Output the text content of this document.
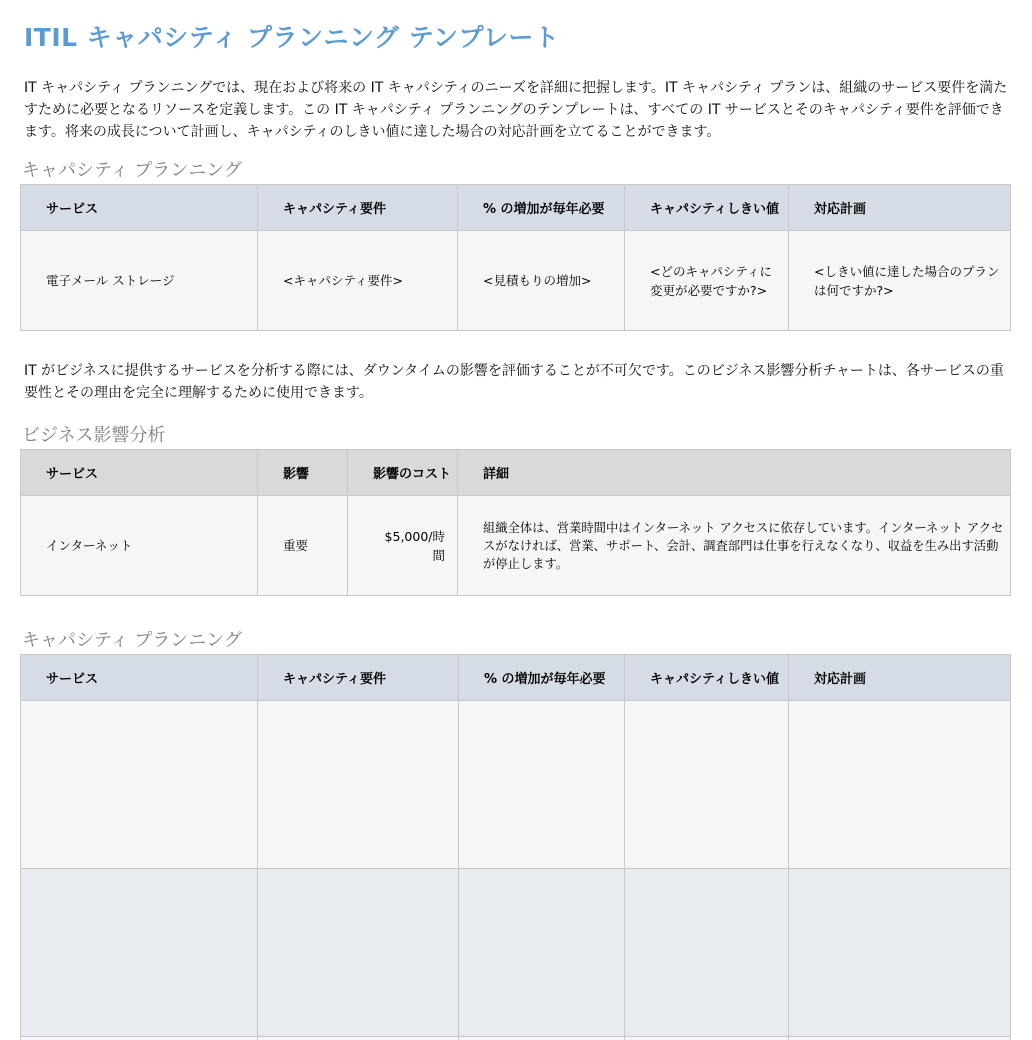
ITIL キャパシティ プランニング テンプレート
IT キャパシティ プランニングでは、現在および将来の IT キャパシティのニーズを詳細に把握します。IT キャパシティ プランは、組織のサービス要件を満たすために必要となるリソースを定義します。この IT キャパシティ プランニングのテンプレートは、すべての IT サービスとそのキャパシティ要件を評価できます。将来の成長について計画し、キャパシティのしきい値に達した場合の対応計画を立てることができます。
キャパシティ プランニング
サービス	キャパシティ要件	% の増加が毎年必要	キャパシティしきい値	対応計画
電子メール ストレージ	<キャパシティ要件>	<見積もりの増加>	<どのキャパシティに変更が必要ですか?>	<しきい値に達した場合のプランは何ですか?>
IT がビジネスに提供するサービスを分析する際には、ダウンタイムの影響を評価することが不可欠です。このビジネス影響分析チャートは、各サービスの重要性とその理由を完全に理解するために使用できます。
ビジネス影響分析
サービス	影響	影響のコスト	詳細
インターネット	重要	$5,000/時間	組織全体は、営業時間中はインターネット アクセスに依存しています。インターネット アクセスがなければ、営業、サポート、会計、調査部門は仕事を行えなくなり、収益を生み出す活動が停止します。
キャパシティ プランニング
サービス	キャパシティ要件	% の増加が毎年必要	キャパシティしきい値	対応計画
